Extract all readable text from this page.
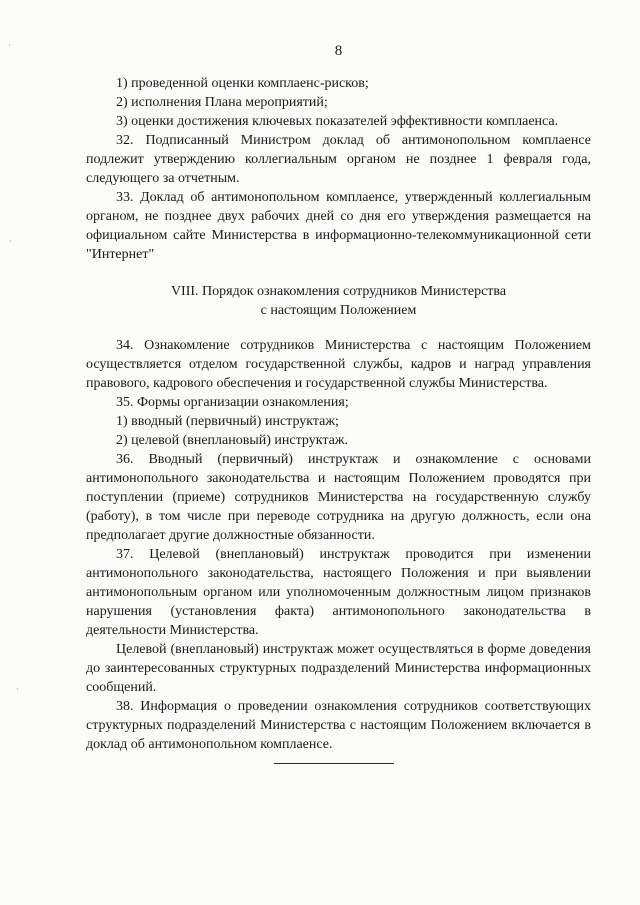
·
·
·
8

1) проведенной оценки комплаенс-рисков;

2) исполнения Плана мероприятий;

3) оценки достижения ключевых показателей эффективности комплаенса.

32. Подписанный Министром доклад об антимонопольном комплаенсе подлежит утверждению коллегиальным органом не позднее 1 февраля года, следующего за отчетным.

33. Доклад об антимонопольном комплаенсе, утвержденный коллегиальным органом, не позднее двух рабочих дней со дня его утверждения размещается на официальном сайте Министерства в информационно-телекоммуникационной сети "Интернет"

VIII. Порядок ознакомления сотрудников Министерства
с настоящим Положением

34. Ознакомление сотрудников Министерства с настоящим Положением осуществляется отделом государственной службы, кадров и наград управления правового, кадрового обеспечения и государственной службы Министерства.

35. Формы организации ознакомления;

1) вводный (первичный) инструктаж;

2) целевой (внеплановый) инструктаж.

36. Вводный (первичный) инструктаж и ознакомление с основами антимонопольного законодательства и настоящим Положением проводятся при поступлении (приеме) сотрудников Министерства на государственную службу (работу), в том числе при переводе сотрудника на другую должность, если она предполагает другие должностные обязанности.

37. Целевой (внеплановый) инструктаж проводится при изменении антимонопольного законодательства, настоящего Положения и при выявлении антимонопольным органом или уполномоченным должностным лицом признаков нарушения (установления факта) антимонопольного законодательства в деятельности Министерства.

Целевой (внеплановый) инструктаж может осуществляться в форме доведения до заинтересованных структурных подразделений Министерства информационных сообщений.

38. Информация о проведении ознакомления сотрудников соответствующих структурных подразделений Министерства с настоящим Положением включается в доклад об антимонопольном комплаенсе.
